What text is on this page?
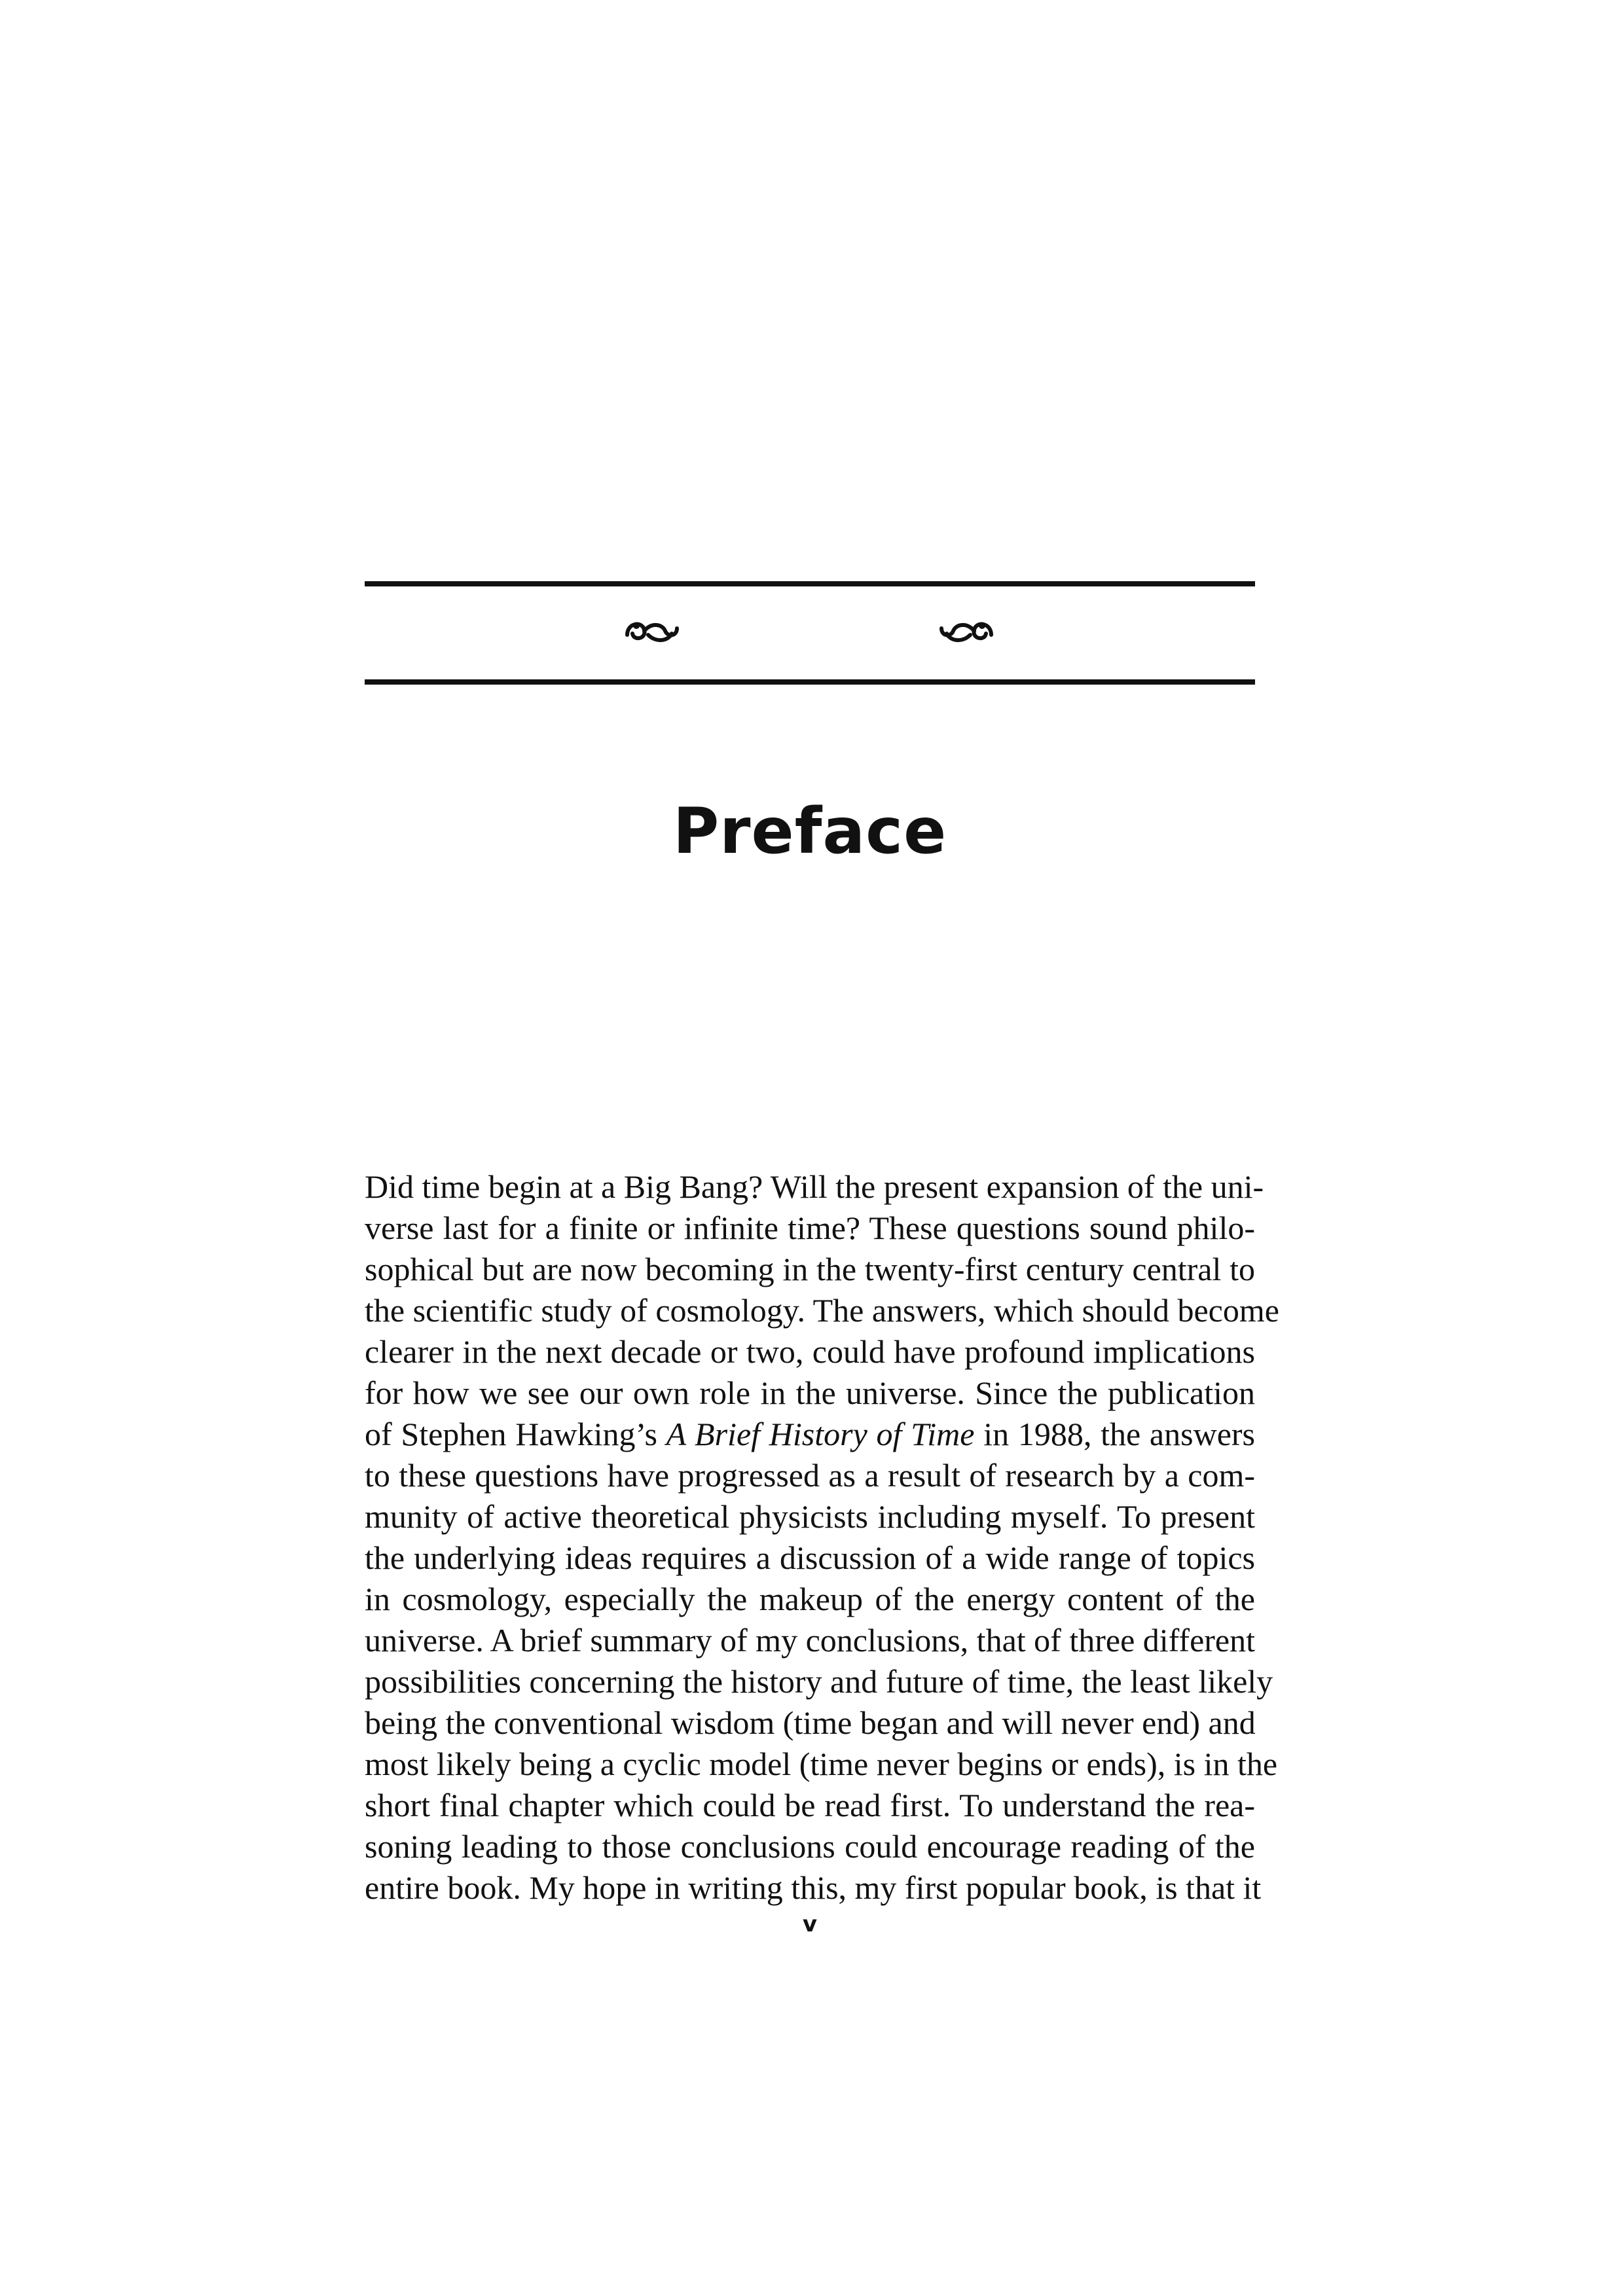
Preface
Did time begin at a Big Bang? Will the present expansion of the uni-
verse last for a finite or infinite time? These questions sound philo-
sophical but are now becoming in the twenty-first century central to
the scientific study of cosmology. The answers, which should become
clearer in the next decade or two, could have profound implications
for how we see our own role in the universe. Since the publication
of Stephen Hawking’s A Brief History of Time in 1988, the answers
to these questions have progressed as a result of research by a com-
munity of active theoretical physicists including myself. To present
the underlying ideas requires a discussion of a wide range of topics
in cosmology, especially the makeup of the energy content of the
universe. A brief summary of my conclusions, that of three different
possibilities concerning the history and future of time, the least likely
being the conventional wisdom (time began and will never end) and
most likely being a cyclic model (time never begins or ends), is in the
short final chapter which could be read first. To understand the rea-
soning leading to those conclusions could encourage reading of the
entire book. My hope in writing this, my first popular book, is that it
v
